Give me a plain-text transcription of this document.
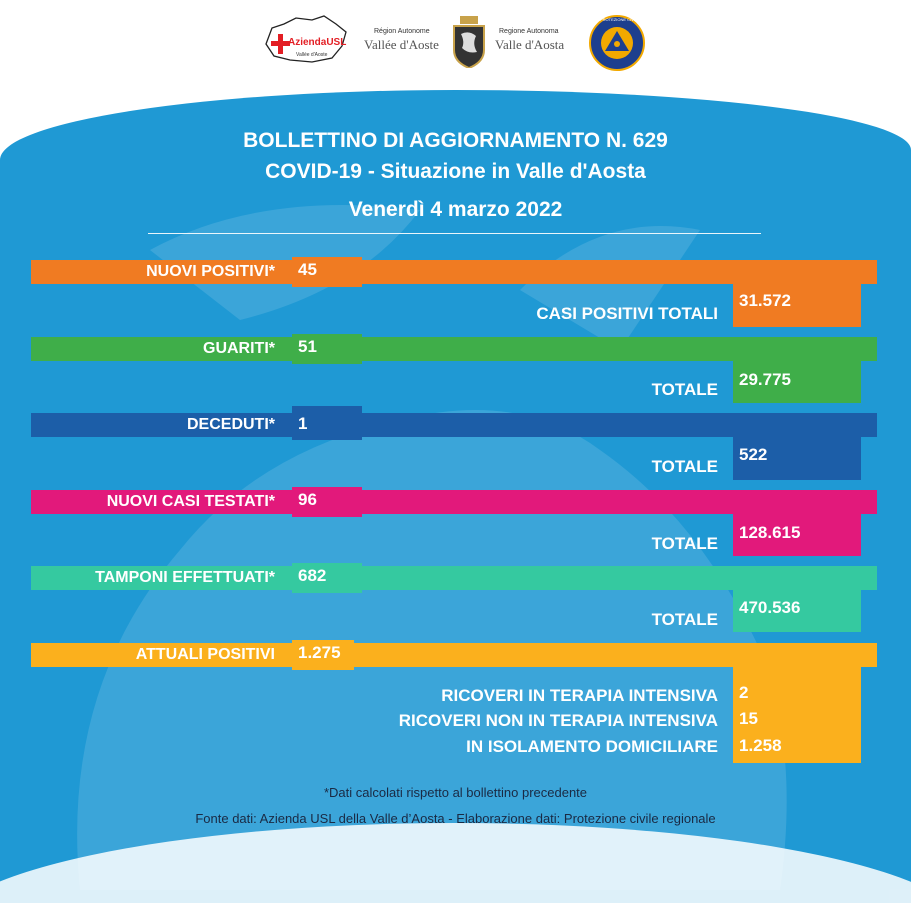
AziendaUSL
Vallée d'Aoste
Région Autonome
Vallée d'Aoste
Regione Autonoma
Valle d'Aosta
PROTEZIONE CIVILE
BOLLETTINO DI AGGIORNAMENTO N. 629
COVID-19 - Situazione in Valle d'Aosta
Venerdì 4 marzo 2022
NUOVI POSITIVI* 45
31.572
CASI POSITIVI TOTALI
GUARITI* 51
29.775
TOTALE
DECEDUTI* 1
522
TOTALE
NUOVI CASI TESTATI* 96
128.615
TOTALE
TAMPONI EFFETTUATI* 682
470.536
TOTALE
ATTUALI POSITIVI 1.275
2
15
1.258
RICOVERI IN TERAPIA INTENSIVA
RICOVERI NON IN TERAPIA INTENSIVA
IN ISOLAMENTO DOMICILIARE
*Dati calcolati rispetto al bollettino precedente
Fonte dati: Azienda USL della Valle d’Aosta - Elaborazione dati: Protezione civile regionale
